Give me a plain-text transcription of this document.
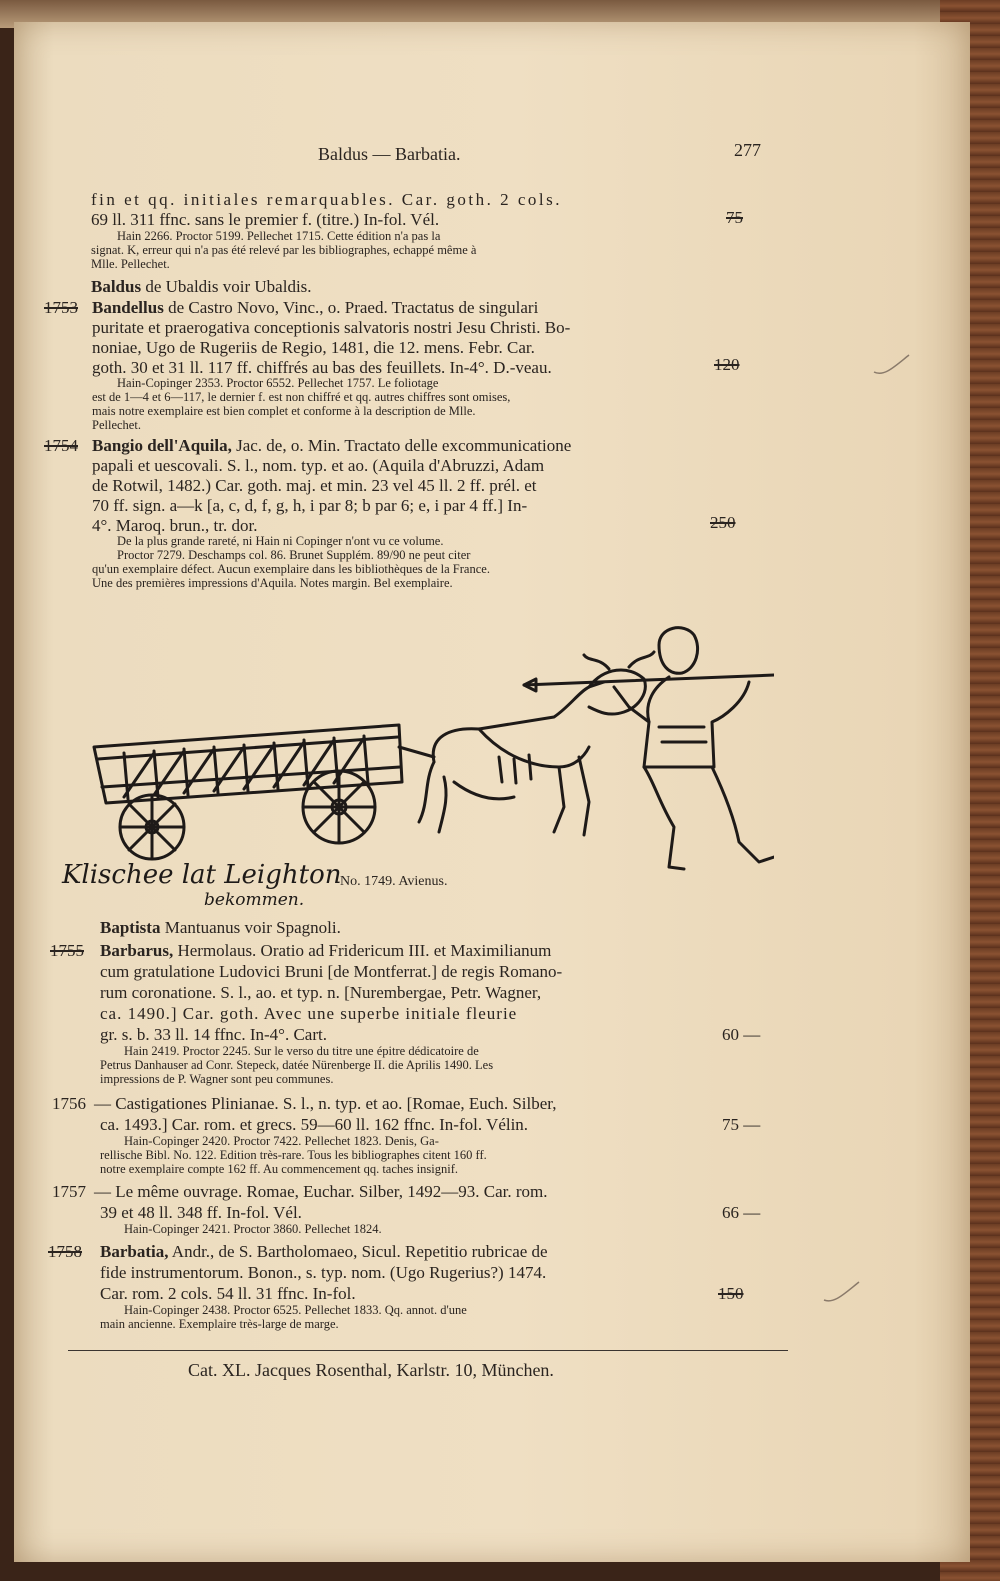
Baldus — Barbatia.	277
fin et qq. initiales remarquables. Car. goth. 2 cols.
69 ll. 311 ffnc. sans le premier f. (titre.) In-fol. Vél.
Hain 2266. Proctor 5199. Pellechet 1715. Cette édition n'a pas la
signat. K, erreur qui n'a pas été relevé par les bibliographes, echappé même à
Mlle. Pellechet.
75
Baldus de Ubaldis voir Ubaldis.
1753 Bandellus de Castro Novo, Vinc., o. Praed. Tractatus de singulari
puritate et praerogativa conceptionis salvatoris nostri Jesu Christi. Bo-
noniae, Ugo de Rugeriis de Regio, 1481, die 12. mens. Febr. Car.
goth. 30 et 31 ll. 117 ff. chiffrés au bas des feuillets. In-4°. D.-veau.
Hain-Copinger 2353. Proctor 6552. Pellechet 1757. Le foliotage
est de 1—4 et 6—117, le dernier f. est non chiffré et qq. autres chiffres sont omises,
mais notre exemplaire est bien complet et conforme à la description de Mlle.
Pellechet.
120
1754 Bangio dell'Aquila, Jac. de, o. Min. Tractato delle excommunicatione
papali et uescovali. S. l., nom. typ. et ao. (Aquila d'Abruzzi, Adam
de Rotwil, 1482.) Car. goth. maj. et min. 23 vel 45 ll. 2 ff. prél. et
70 ff. sign. a—k [a, c, d, f, g, h, i par 8; b par 6; e, i par 4 ff.] In-
4°. Maroq. brun., tr. dor.
De la plus grande rareté, ni Hain ni Copinger n'ont vu ce volume.
Proctor 7279. Deschamps col. 86. Brunet Supplém. 89/90 ne peut citer
qu'un exemplaire défect. Aucun exemplaire dans les bibliothèques de la France.
Une des premières impressions d'Aquila. Notes margin. Bel exemplaire.
250
No. 1749. Avienus.
Klischee lat Leighton
bekommen.
Baptista Mantuanus voir Spagnoli.
1755 Barbarus, Hermolaus. Oratio ad Fridericum III. et Maximilianum
cum gratulatione Ludovici Bruni [de Montferrat.] de regis Romano-
rum coronatione. S. l., ao. et typ. n. [Nurembergae, Petr. Wagner,
ca. 1490.] Car. goth. Avec une superbe initiale fleurie
gr. s. b. 33 ll. 14 ffnc. In-4°. Cart.
Hain 2419. Proctor 2245. Sur le verso du titre une épitre dédicatoire de
Petrus Danhauser ad Conr. Stepeck, datée Nürenberge II. die Aprilis 1490. Les
impressions de P. Wagner sont peu communes.
60 —
1756 — Castigationes Plinianae. S. l., n. typ. et ao. [Romae, Euch. Silber,
ca. 1493.] Car. rom. et grecs. 59—60 ll. 162 ffnc. In-fol. Vélin.
Hain-Copinger 2420. Proctor 7422. Pellechet 1823. Denis, Ga-
rellische Bibl. No. 122. Edition très-rare. Tous les bibliographes citent 160 ff.
notre exemplaire compte 162 ff. Au commencement qq. taches insignif.
75 —
1757 — Le même ouvrage. Romae, Euchar. Silber, 1492—93. Car. rom.
39 et 48 ll. 348 ff. In-fol. Vél.
Hain-Copinger 2421. Proctor 3860. Pellechet 1824.
66 —
1758 Barbatia, Andr., de S. Bartholomaeo, Sicul. Repetitio rubricae de
fide instrumentorum. Bonon., s. typ. nom. (Ugo Rugerius?) 1474.
Car. rom. 2 cols. 54 ll. 31 ffnc. In-fol.
Hain-Copinger 2438. Proctor 6525. Pellechet 1833. Qq. annot. d'une
main ancienne. Exemplaire très-large de marge.
150
Cat. XL. Jacques Rosenthal, Karlstr. 10, München.
